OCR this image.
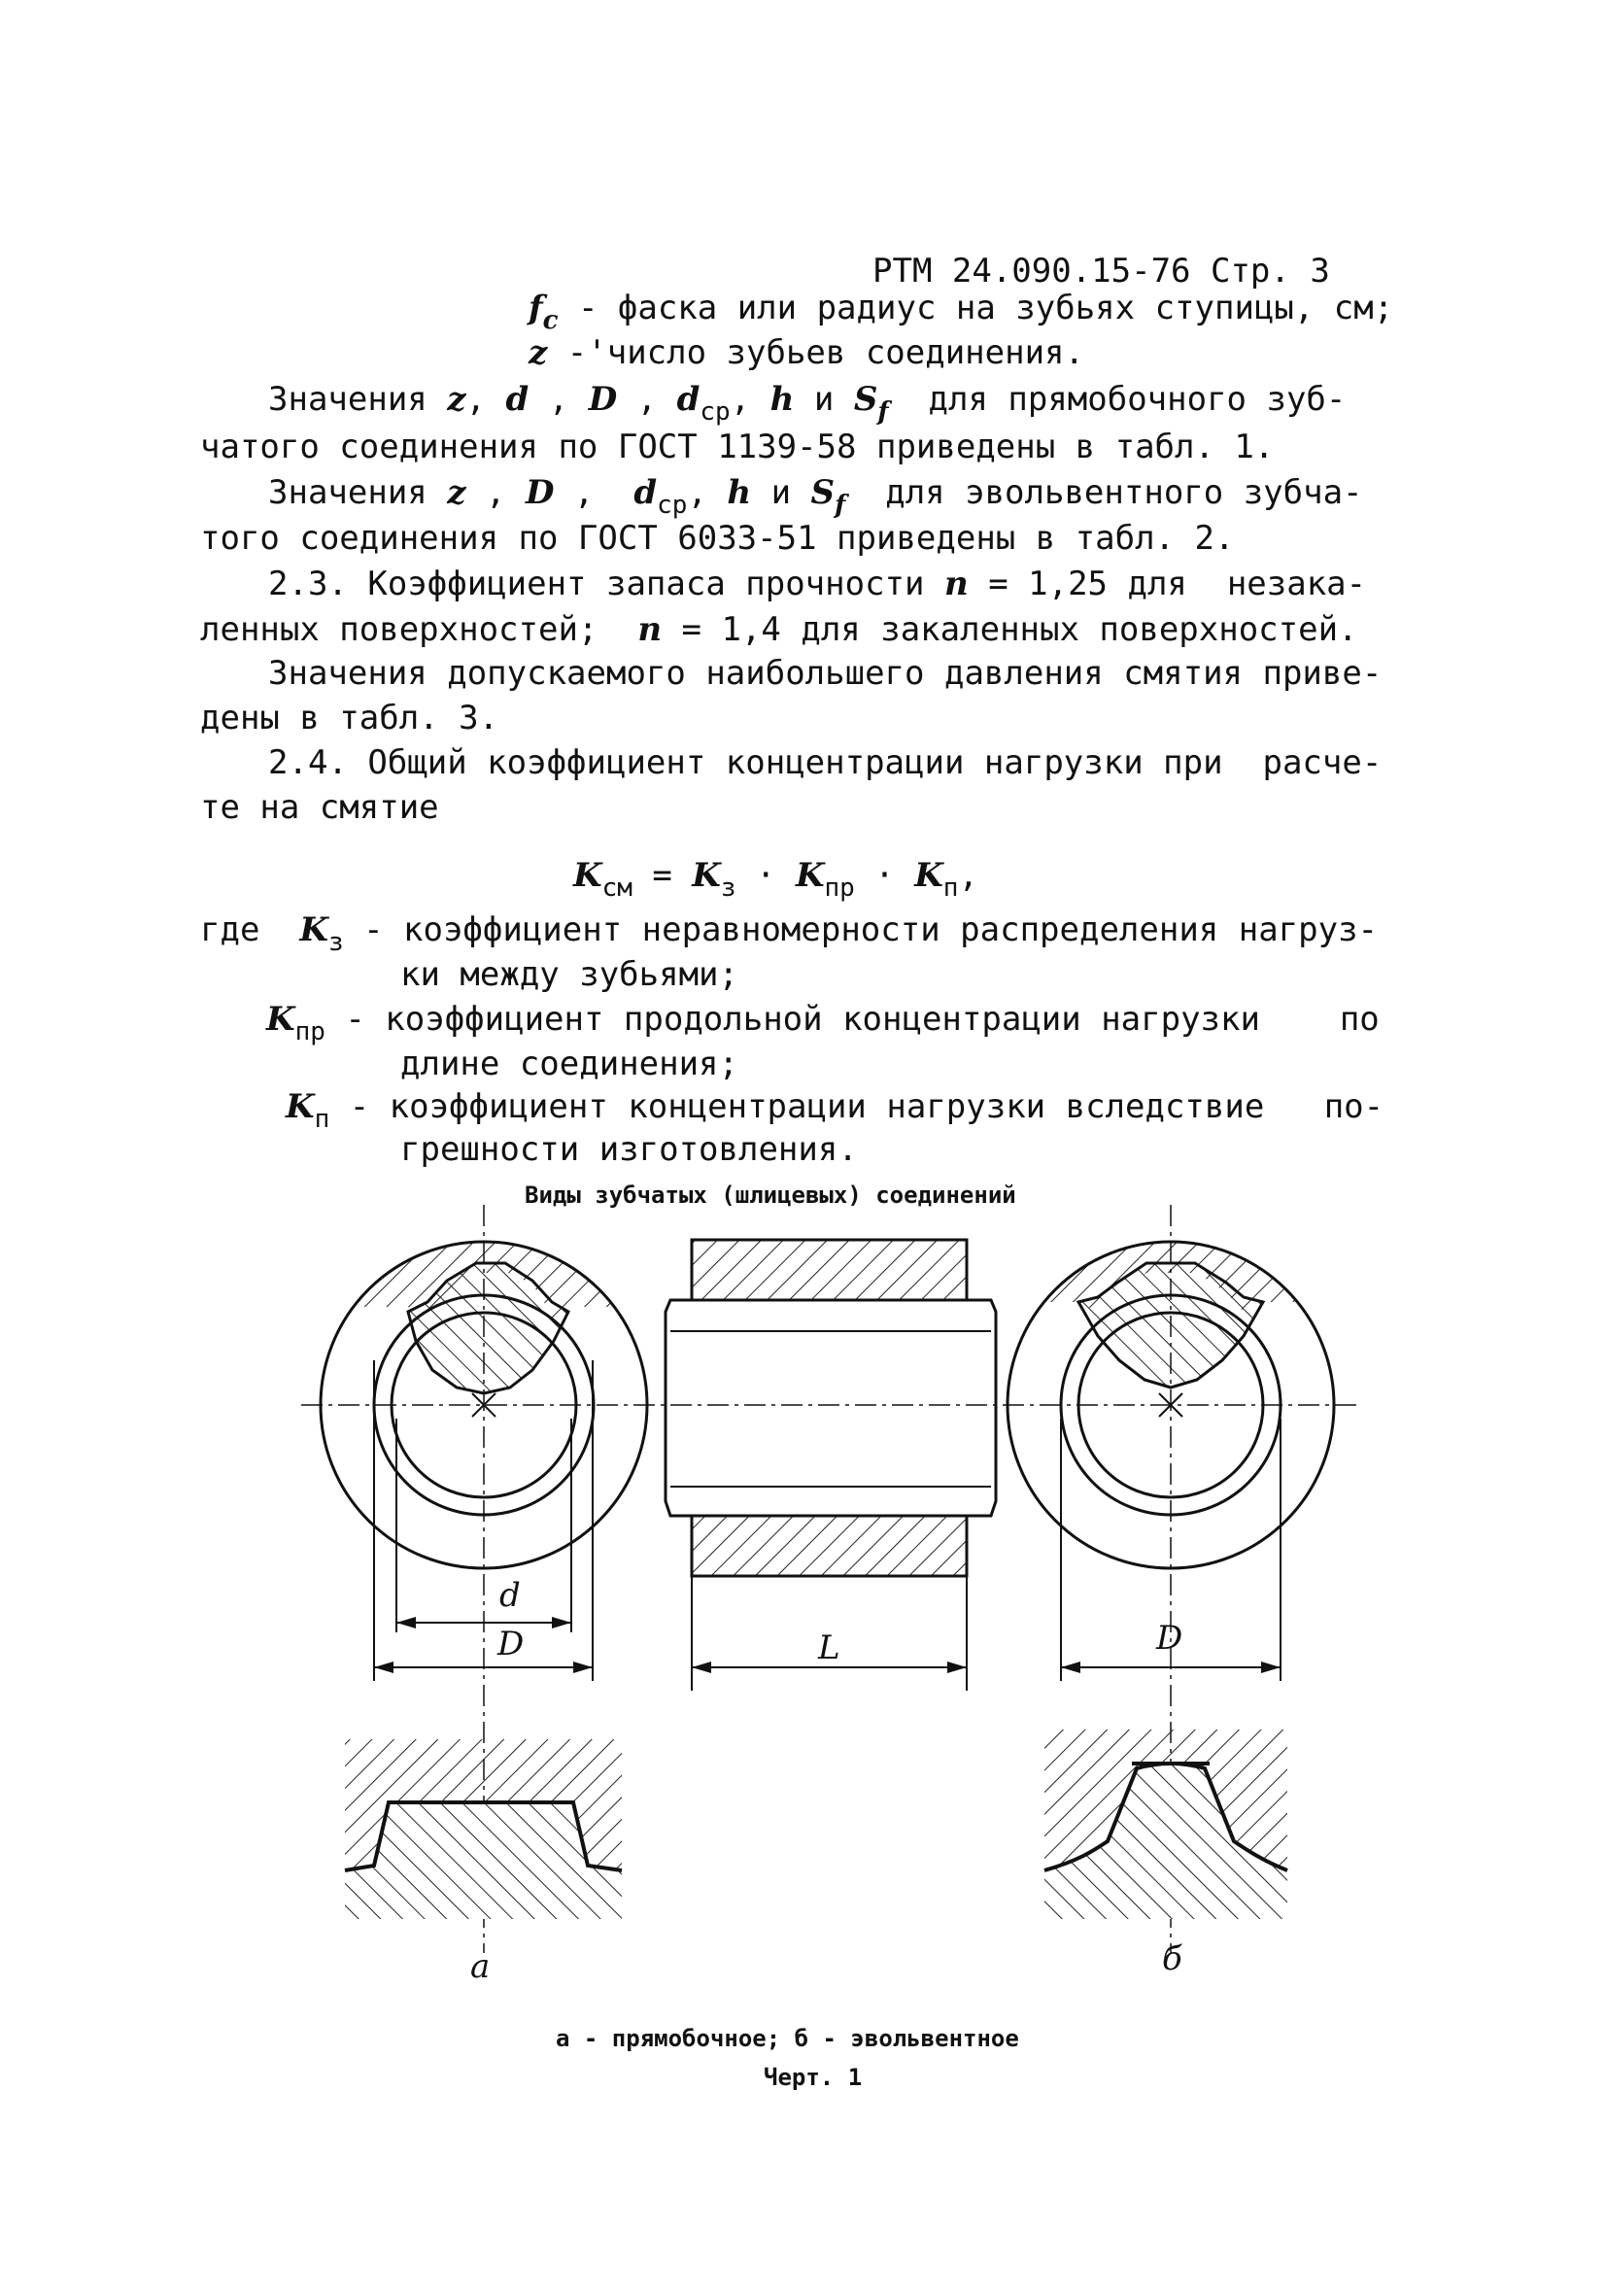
РТМ 24.090.15-76 Стр. 3
$f_c$ - фаска или радиус на зубьях ступицы, см;
z -'число зубьев соединения.
Значения z, d , D , $d_{ср}$, h и $S_f$  для прямобочного зуб-
чатого соединения по ГОСТ 1139-58 приведены в табл. 1.
Значения z , D ,  $d_{ср}$, h и $S_f$  для эвольвентного зубча-
того соединения по ГОСТ 6033-51 приведены в табл. 2.
2.3. Коэффициент запаса прочности n = 1,25 для  незака-
ленных поверхностей;  n = 1,4 для закаленных поверхностей.
Значения допускаемого наибольшего давления смятия приве-
дены в табл. 3.
2.4. Общий коэффициент концентрации нагрузки при  расче-
те на смятие
$K_{см} = K_з \cdot K_{пр} \cdot K_п$,
где $K_з$ - коэффициент неравномерности распределения нагруз-
ки между зубьями;
$K_{пр}$ - коэффициент продольной концентрации нагрузки    по
длине соединения;
$K_п$ - коэффициент концентрации нагрузки вследствие   по-
грешности изготовления.
Виды зубчатых (шлицевых) соединений
d
D	L	D
а	б
а - прямобочное; б - эвольвентное
Черт. 1
